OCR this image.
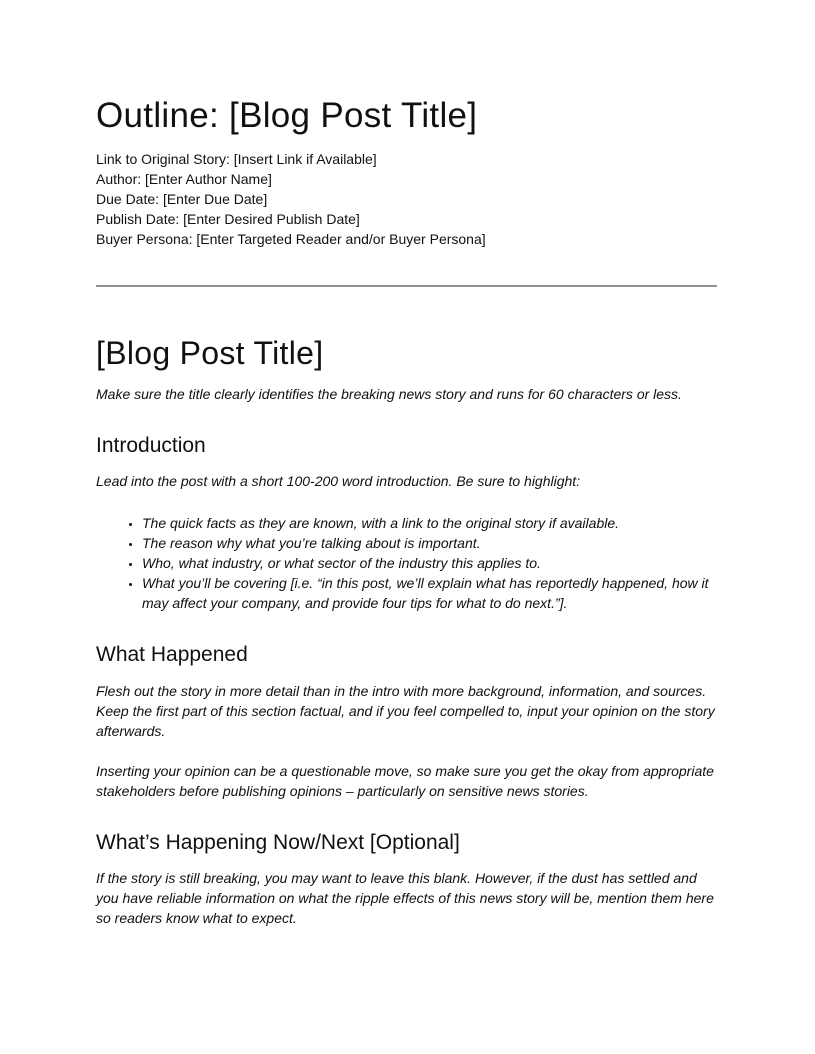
Outline: [Blog Post Title]

Link to Original Story: [Insert Link if Available]

Author: [Enter Author Name]

Due Date: [Enter Due Date]

Publish Date: [Enter Desired Publish Date]

Buyer Persona: [Enter Targeted Reader and/or Buyer Persona]

[Blog Post Title]

Make sure the title clearly identifies the breaking news story and runs for 60 characters or less.

Introduction

Lead into the post with a short 100-200 word introduction. Be sure to highlight:

• The quick facts as they are known, with a link to the original story if available.
• The reason why what you’re talking about is important.
• Who, what industry, or what sector of the industry this applies to.
• What you’ll be covering [i.e. “in this post, we’ll explain what has reportedly happened, how it may affect your company, and provide four tips for what to do next.”].
What Happened

Flesh out the story in more detail than in the intro with more background, information, and sources. Keep the first part of this section factual, and if you feel compelled to, input your opinion on the story afterwards.

Inserting your opinion can be a questionable move, so make sure you get the okay from appropriate stakeholders before publishing opinions – particularly on sensitive news stories.

What’s Happening Now/Next [Optional]

If the story is still breaking, you may want to leave this blank. However, if the dust has settled and you have reliable information on what the ripple effects of this news story will be, mention them here so readers know what to expect.
